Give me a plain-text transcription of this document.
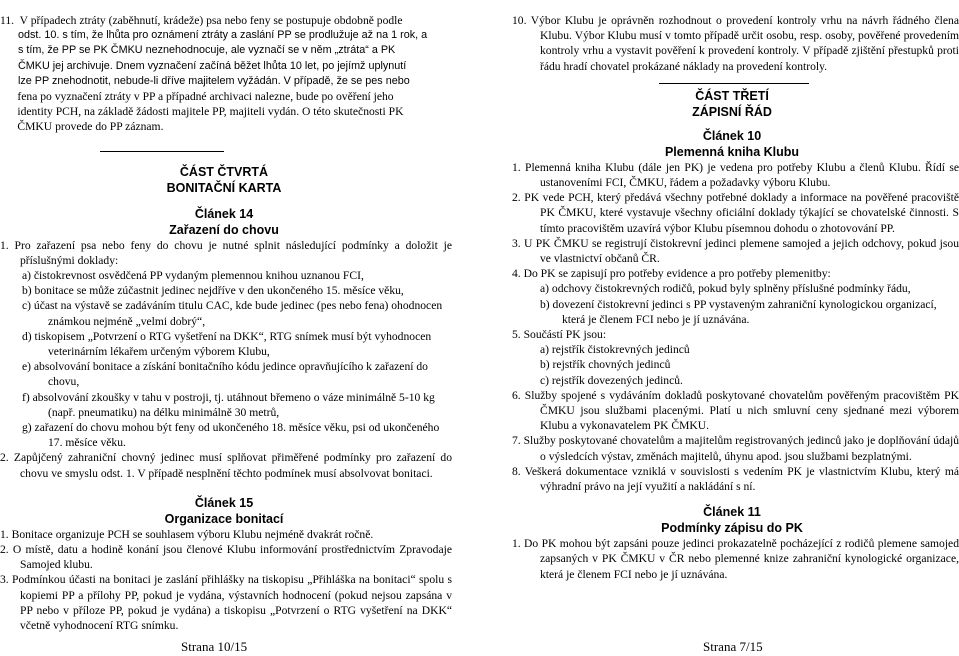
11.  V případech ztráty (zaběhnutí, krádeže) psa nebo feny se postupuje obdobně podle
odst. 10. s tím, že lhůta pro oznámení ztráty a zaslání PP se prodlužuje až na 1 rok, a
s tím, že PP se PK ČMKU neznehodnocuje, ale vyznačí se v něm „ztráta“ a PK
ČMKU jej archivuje. Dnem vyznačení začíná běžet lhůta 10 let, po jejímž uplynutí
lze PP znehodnotit, nebude-li dříve majitelem vyžádán. V případě, že se pes nebo
fena po vyznačení ztráty v PP a případné archivaci nalezne, bude po ověření jeho
identity PCH, na základě žádosti majitele PP, majiteli vydán. O této skutečnosti PK
ČMKU provede do PP záznam.

ČÁST ČTVRTÁ

BONITAČNÍ KARTA

Článek 14

Zařazení do chovu

1. Pro zařazení psa nebo feny do chovu je nutné splnit následující podmínky a doložit je příslušnými doklady:

a) čistokrevnost osvědčená PP vydaným plemennou knihou uznanou FCI,

b) bonitace se může zúčastnit jedinec nejdříve v den ukončeného 15. měsíce věku,

c) účast na výstavě se zadáváním titulu CAC, kde bude jedinec (pes nebo fena) ohodnocen známkou nejméně „velmi dobrý“,

d) tiskopisem „Potvrzení o RTG vyšetření na DKK“, RTG snímek musí být vyhodnocen veterinárním lékařem určeným výborem Klubu,

e) absolvování bonitace a získání bonitačního kódu jedince opravňujícího k zařazení do chovu,

f) absolvování zkoušky v tahu v postroji, tj. utáhnout břemeno o váze minimálně 5-10 kg (např. pneumatiku) na délku minimálně 30 metrů,

g) zařazení do chovu mohou být feny od ukončeného 18. měsíce věku, psi od ukončeného 17. měsíce věku.

2. Zapůjčený zahraniční chovný jedinec musí splňovat přiměřené podmínky pro zařazení do chovu ve smyslu odst. 1. V případě nesplnění těchto podmínek musí absolvovat bonitaci.

Článek 15

Organizace bonitací

1. Bonitace organizuje PCH se souhlasem výboru Klubu nejméně dvakrát ročně.

2. O místě, datu a hodině konání jsou členové Klubu informování prostřednictvím Zpravodaje Samojed klubu.

3. Podmínkou účasti na bonitaci je zaslání přihlášky na tiskopisu „Přihláška na bonitaci“ spolu s kopiemi PP a přílohy PP, pokud je vydána, výstavních hodnocení (pokud nejsou zapsána v PP nebo v příloze PP, pokud je vydána) a tiskopisu „Potvrzení o RTG vyšetření na DKK“ včetně vyhodnocení RTG snímku.

Strana 10/15

10. Výbor Klubu je oprávněn rozhodnout o provedení kontroly vrhu na návrh řádného člena Klubu. Výbor Klubu musí v tomto případě určit osobu, resp. osoby, pověřené provedením kontroly vrhu a vystavit pověření k provedení kontroly. V případě zjištění přestupků proti řádu hradí chovatel prokázané náklady na provedení kontroly.

ČÁST TŘETÍ

ZÁPISNÍ ŘÁD

Článek 10

Plemenná kniha Klubu

1. Plemenná kniha Klubu (dále jen PK) je vedena pro potřeby Klubu a členů Klubu. Řídí se ustanoveními FCI, ČMKU, řádem a požadavky výboru Klubu.

2. PK vede PCH, který předává všechny potřebné doklady a informace na pověřené pracoviště PK ČMKU, které vystavuje všechny oficiální doklady týkající se chovatelské činnosti. S tímto pracovištěm uzavírá výbor Klubu písemnou dohodu o zhotovování PP.

3. U PK ČMKU se registrují čistokrevní jedinci plemene samojed a jejich odchovy, pokud jsou ve vlastnictví občanů ČR.

4. Do PK se zapisují pro potřeby evidence a pro potřeby plemenitby:

a) odchovy čistokrevných rodičů, pokud byly splněny příslušné podmínky řádu,

b) dovezení čistokrevní jedinci s PP vystaveným zahraniční kynologickou organizací, která je členem FCI nebo je jí uznávána.

5. Součástí PK jsou:

a) rejstřík čistokrevných jedinců

b) rejstřík chovných jedinců

c) rejstřík dovezených jedinců.

6. Služby spojené s vydáváním dokladů poskytované chovatelům pověřeným pracovištěm PK ČMKU jsou službami placenými. Platí u nich smluvní ceny sjednané mezi výborem Klubu a vykonavatelem PK ČMKU.

7. Služby poskytované chovatelům a majitelům registrovaných jedinců jako je doplňování údajů o výsledcích výstav, změnách majitelů, úhynu apod. jsou službami bezplatnými.

8. Veškerá dokumentace vzniklá v souvislosti s vedením PK je vlastnictvím Klubu, který má výhradní právo na její využití a nakládání s ní.

Článek 11

Podmínky zápisu do PK

1. Do PK mohou být zapsáni pouze jedinci prokazatelně pocházející z rodičů plemene samojed zapsaných v PK ČMKU v ČR nebo plemenné knize zahraniční kynologické organizace, která je členem FCI nebo je jí uznávána.

Strana 7/15
